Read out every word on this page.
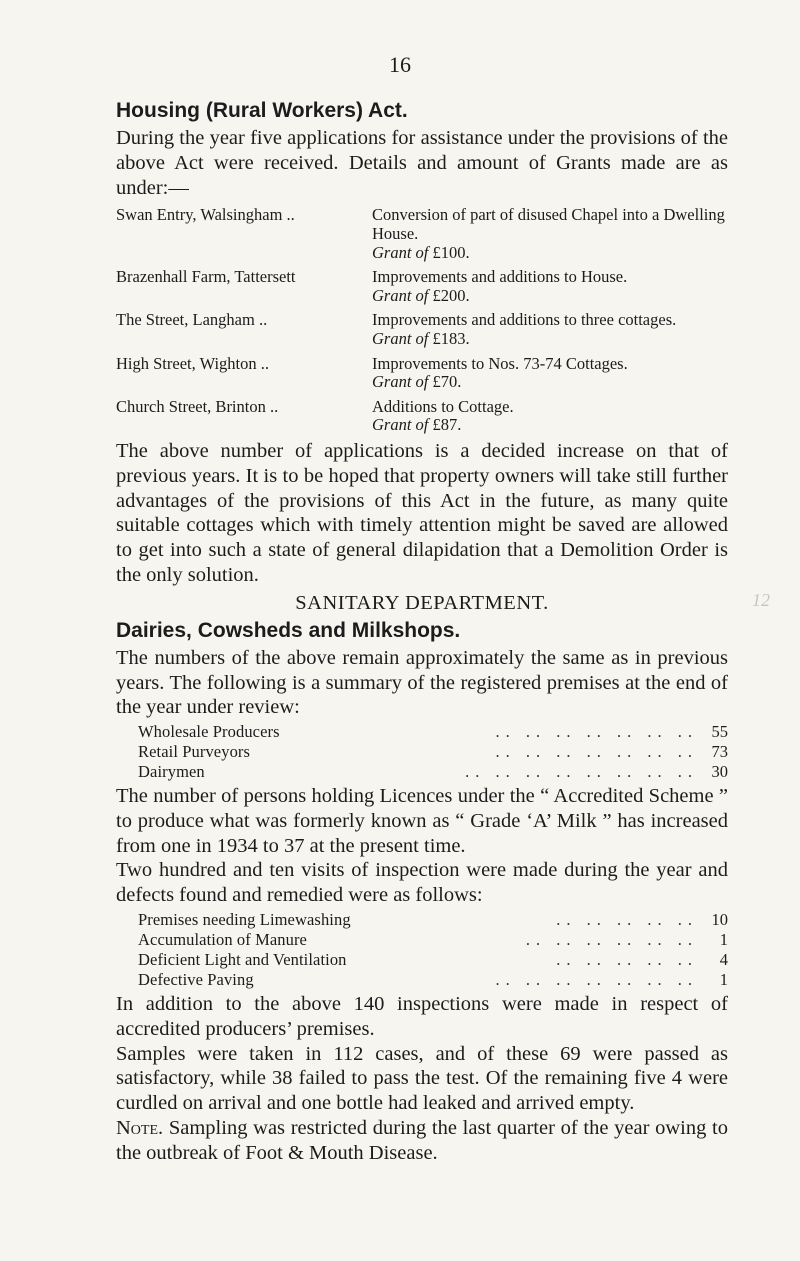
16
Housing (Rural Workers) Act.

During the year five applications for assistance under the provisions of the above Act were received. Details and amount of Grants made are as under:—

Swan Entry, Walsingham ..	Conversion of part of disused Chapel into a Dwelling House.
Grant of £100.
Brazenhall Farm, Tattersett	Improvements and additions to House.
Grant of £200.
The Street, Langham ..	Improvements and additions to three cottages.
Grant of £183.
High Street, Wighton ..	Improvements to Nos. 73-74 Cottages.
Grant of £70.
Church Street, Brinton ..	Additions to Cottage.
Grant of £87.

The above number of applications is a decided increase on that of previous years. It is to be hoped that property owners will take still further advantages of the provisions of this Act in the future, as many quite suitable cottages which with timely attention might be saved are allowed to get into such a state of general dilapidation that a Demolition Order is the only solution.

SANITARY DEPARTMENT.
Dairies, Cowsheds and Milkshops.

The numbers of the above remain approximately the same as in previous years. The following is a summary of the registered premises at the end of the year under review:

Wholesale Producers	.. .. .. .. .. .. .. 55
Retail Purveyors	.. .. .. .. .. .. .. 73
Dairymen	.. .. .. .. .. .. .. .. 30

The number of persons holding Licences under the “ Accredited Scheme ” to produce what was formerly known as “ Grade ‘A’ Milk ” has increased from one in 1934 to 37 at the present time.

Two hundred and ten visits of inspection were made during the year and defects found and remedied were as follows:

Premises needing Limewashing	.. .. .. .. .. 10
Accumulation of Manure	.. .. .. .. .. ..	1
Deficient Light and Ventilation	.. .. .. .. ..	4
Defective Paving	.. .. .. .. .. .. ..	1

In addition to the above 140 inspections were made in respect of accredited producers’ premises.

Samples were taken in 112 cases, and of these 69 were passed as satisfactory, while 38 failed to pass the test. Of the remaining five 4 were curdled on arrival and one bottle had leaked and arrived empty.

Note. Sampling was restricted during the last quarter of the year owing to the outbreak of Foot & Mouth Disease.

12
